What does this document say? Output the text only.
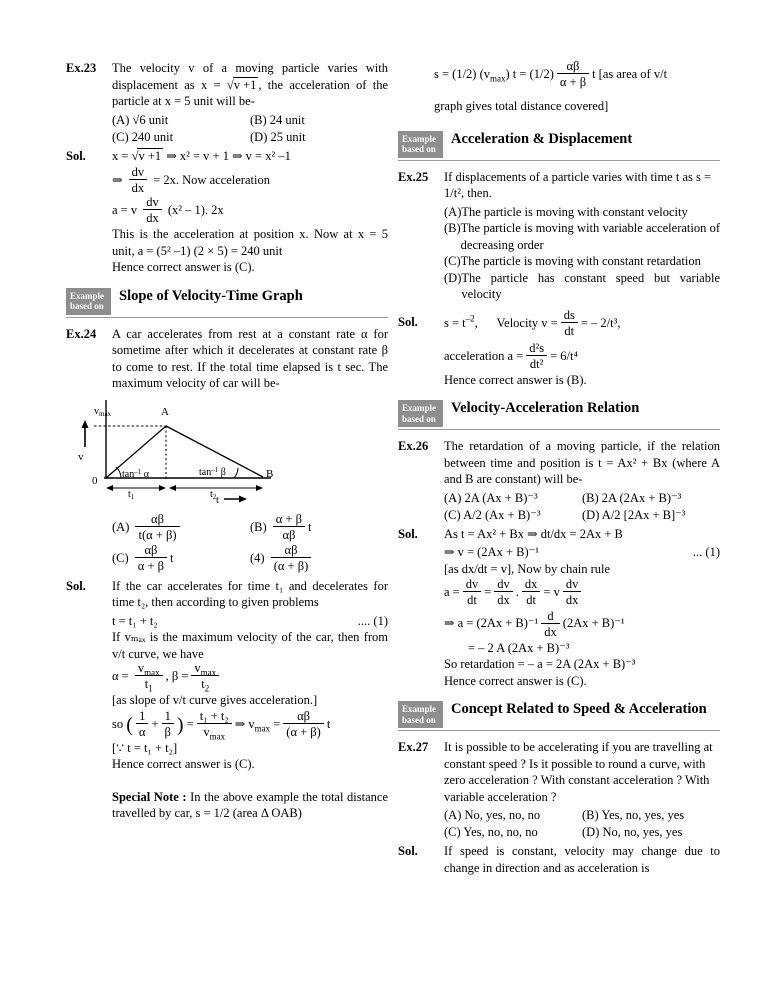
Ex.23	The velocity v of a moving particle varies with displacement as x = √v +1 , the acceleration of the particle at x = 5 unit will be-
(A) √6 unit	(B) 24 unit
(C) 240 unit	(D) 25 unit
Sol.	x = √v +1 ⇒ x² = v + 1 ⇒ v = x² –1
⇒ $\frac{dv}{dx} = 2x$. Now acceleration
a = v $\frac{dv}{dx} (x^2 - 1)$. 2x
This is the acceleration at position x. Now at x = 5 unit, a = (5² –1) (2 × 5) = 240 unit
Hence correct answer is (C).
Example
based on
Slope of Velocity-Time Graph
Ex.24	A car accelerates from rest at a constant rate α for sometime after which it decelerates at constant rate β to come to rest. If the total time elapsed is t sec. The maximum velocity of car will be-
$v_{max}$
v
0
A
B
$\tan^{-1} \alpha$	$\tan^{-1} \beta$
$t_1$	$t_2$ t
$(A) \frac{\alpha\beta}{t(\alpha + \beta)}$	$(B) \frac{\alpha + \beta}{\alpha\beta}$ t
$(C) \frac{\alpha\beta}{\alpha + \beta}$ t	$(4) \frac{\alpha\beta}{(\alpha + \beta)}$
Sol.	If the car accelerates for time t₁ and decelerates for time t₂, then according to given problems
t = t₁ + t₂	.... (1)
If vₘₐₓ is the maximum velocity of the car, then from v/t curve, we have
$\alpha = \frac{v_{max}}{t_1}$ , $\beta = \frac{v_{max}}{t_2}$
[as slope of v/t curve gives acceleration.]
so ( $\frac{1}{\alpha} + \frac{1}{\beta}$ ) = $\frac{\text{t₁ + t₂}}{v_{max}}$ ⇒ $v_{max} = \frac{\alpha\beta}{(\alpha + \beta)}$ t
[∵ t = t₁ + t₂]
Hence correct answer is (C).
Special Note : In the above example the total distance travelled by car, s = 1/2 (area Δ OAB)
s = (1/2) $(v_{max}) t = (1/2) \frac{\alpha\beta}{\alpha + \beta}$ t [as area of v/t
graph gives total distance covered]
Example
based on
Acceleration & Displacement
Ex.25	If displacements of a particle varies with time t as s = 1/t², then.
(A) The particle is moving with constant velocity
(B) The particle is moving with variable acceleration of decreasing order
(C) The particle is moving with constant retardation
(D) The particle has constant speed but variable velocity
Sol.	$s = t^{-2}$, Velocity $v = \frac{ds}{dt}$ = – 2/t³,
acceleration $a = \frac{\text{d²s}}{\text{dt²}} = 6/t^4$
Hence correct answer is (B).
Example
based on
Velocity-Acceleration Relation
Ex.26	The retardation of a moving particle, if the relation between time and position is t = Ax² + Bx (where A and B are constant) will be-
(A) 2A (Ax + B)⁻³	(B) 2A (2Ax + B)⁻³
(C) A/2 (Ax + B)⁻³	(D) A/2 [2Ax + B]⁻³
Sol.	As t = Ax² + Bx ⇒ dt/dx = 2Ax + B
⇒ v = (2Ax + B)⁻¹	... (1)
[as dx/dt = v], Now by chain rule
$a = \frac{dv}{dt} = \frac{dv}{dx}$ . $\frac{dx}{dt} = v \frac{dv}{dx}$
⇒ $a = (2Ax + B)^{-1} \frac{d}{dx} (2Ax + B)^{-1}$
= – 2 A (2Ax + B)⁻³
So retardation = – a = 2A (2Ax + B)⁻³
Hence correct answer is (C).
Example
based on
Concept Related to Speed & Acceleration
Ex.27	It is possible to be accelerating if you are travelling at constant speed ? Is it possible to round a curve, with zero acceleration ? With constant acceleration ? With variable acceleration ?
(A) No, yes, no, no	(B) Yes, no, yes, yes
(C) Yes, no, no, no	(D) No, no, yes, yes
Sol.	If speed is constant, velocity may change due to change in direction and as acceleration is
